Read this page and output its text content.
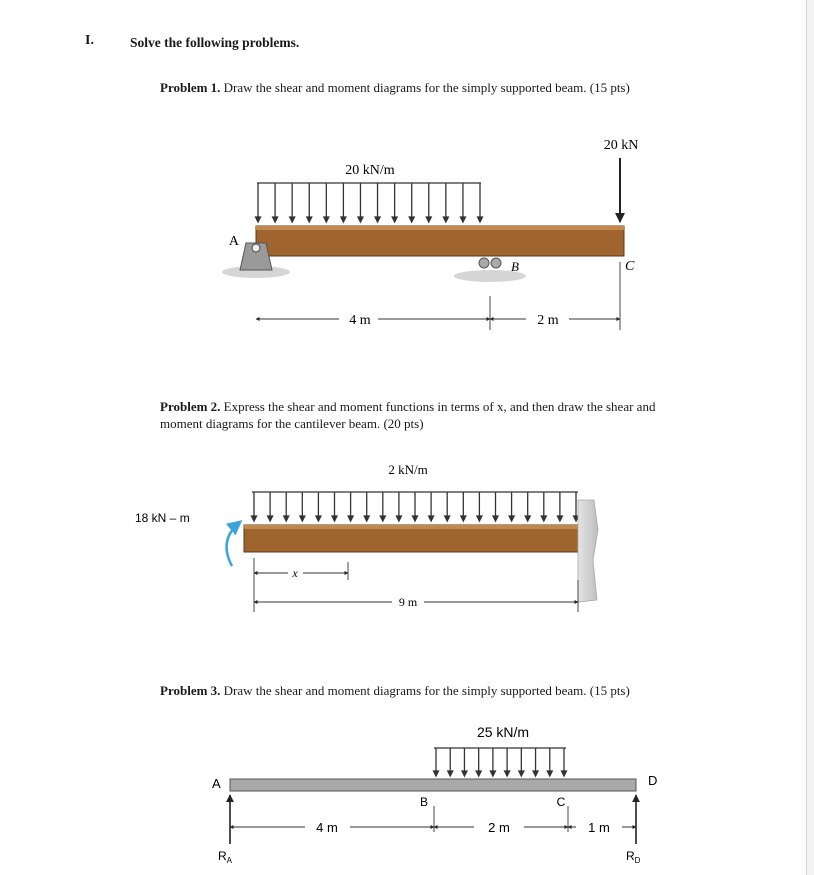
I.	Solve the following problems.
Problem 1. Draw the shear and moment diagrams for the simply supported beam. (15 pts)
Problem 2. Express the shear and moment functions in terms of x, and then draw the shear and
moment diagrams for the cantilever beam. (20 pts)
Problem 3. Draw the shear and moment diagrams for the simply supported beam. (15 pts)
20 kN/m
20 kN
A
B	C
4 m	2 m
2 kN/m
18 kN – m
x
9 m
25 kN/m
A	D
B	C
$R_A$	$R_D$
4 m	2 m	1 m
